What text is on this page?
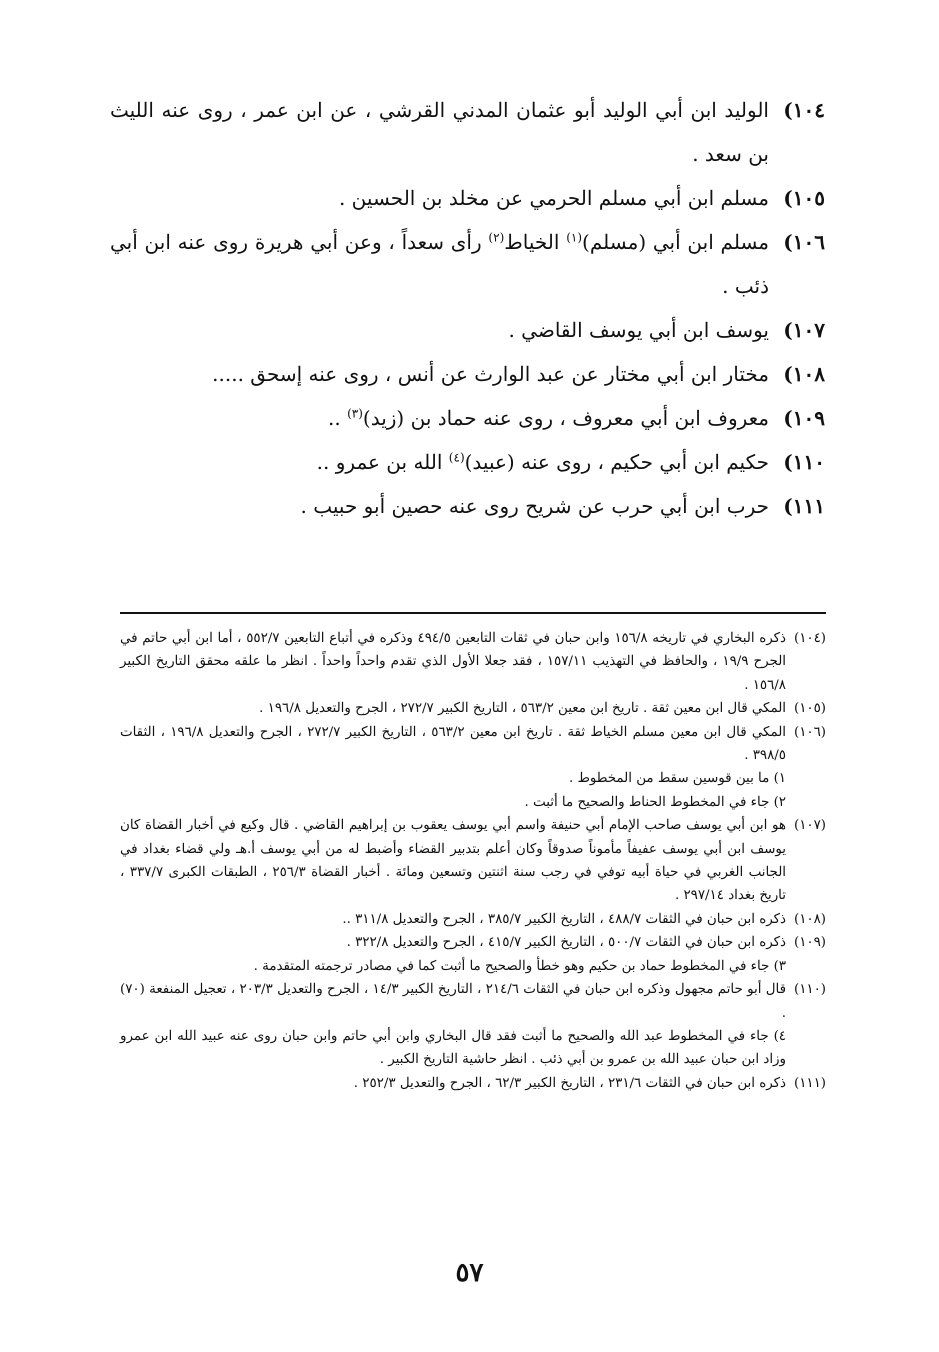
١٠٤)
الوليد ابن أبي الوليد أبو عثمان المدني القرشي ، عن ابن عمر ، روى عنه الليث بن سعد .
١٠٥)
مسلم ابن أبي مسلم الحرمي عن مخلد بن الحسين .
١٠٦)
مسلم ابن أبي (مسلم)$^{(١)}$ الخياط$^{(٢)}$ رأى سعداً ، وعن أبي هريرة روى عنه ابن أبي ذئب .
١٠٧)
يوسف ابن أبي يوسف القاضي .
١٠٨)
مختار ابن أبي مختار عن عبد الوارث عن أنس ، روى عنه إسحق .....
١٠٩)
معروف ابن أبي معروف ، روى عنه حماد بن (زيد)$^{(٣)}$ ..
١١٠)
حكيم ابن أبي حكيم ، روى عنه (عبيد)$^{(٤)}$ الله بن عمرو ..
١١١)
حرب ابن أبي حرب عن شريح روى عنه حصين أبو حبيب .
(١٠٤)
ذكره البخاري في تاريخه ١٥٦/٨ وابن حبان في ثقات التابعين ٤٩٤/٥ وذكره في أتباع التابعين ٥٥٢/٧ ، أما ابن أبي حاتم في الجرح ١٩/٩ ، والحافظ في التهذيب ١٥٧/١١ ، فقد جعلا الأول الذي تقدم واحداً واحداً . انظر ما علقه محقق التاريخ الكبير ١٥٦/٨ .
(١٠٥)
المكي قال ابن معين ثقة . تاريخ ابن معين ٥٦٣/٢ ، التاريخ الكبير ٢٧٢/٧ ، الجرح والتعديل ١٩٦/٨ .
(١٠٦)
المكي قال ابن معين مسلم الخياط ثقة . تاريخ ابن معين ٥٦٣/٢ ، التاريخ الكبير ٢٧٢/٧ ، الجرح والتعديل ١٩٦/٨ ، الثقات ٣٩٨/٥ .
١) ما بين قوسين سقط من المخطوط .
٢) جاء في المخطوط الحناط والصحيح ما أثبت .
(١٠٧)
هو ابن أبي يوسف صاحب الإمام أبي حنيفة واسم أبي يوسف يعقوب بن إبراهيم القاضي . قال وكيع في أخبار القضاة كان يوسف ابن أبي يوسف عفيفاً مأموناً صدوقاً وكان أعلم بتدبير القضاء وأضبط له من أبي يوسف أ.هـ ولي قضاء بغداد في الجانب الغربي في حياة أبيه توفي في رجب سنة اثنتين وتسعين ومائة . أخبار القضاة ٢٥٦/٣ ، الطبقات الكبرى ٣٣٧/٧ ، تاريخ بغداد ٢٩٧/١٤ .
(١٠٨)
ذكره ابن حبان في الثقات ٤٨٨/٧ ، التاريخ الكبير ٣٨٥/٧ ، الجرح والتعديل ٣١١/٨ ..
(١٠٩)
ذكره ابن حبان في الثقات ٥٠٠/٧ ، التاريخ الكبير ٤١٥/٧ ، الجرح والتعديل ٣٢٢/٨ .
٣) جاء في المخطوط حماد بن حكيم وهو خطأ والصحيح ما أثبت كما في مصادر ترجمته المتقدمة .
(١١٠)
قال أبو حاتم مجهول وذكره ابن حبان في الثقات ٢١٤/٦ ، التاريخ الكبير ١٤/٣ ، الجرح والتعديل ٢٠٣/٣ ، تعجيل المنفعة (٧٠) .
٤) جاء في المخطوط عبد الله والصحيح ما أثبت فقد قال البخاري وابن أبي حاتم وابن حبان روى عنه عبيد الله ابن عمرو وزاد ابن حبان عبيد الله بن عمرو بن أبي ذئب . انظر حاشية التاريخ الكبير .
(١١١)
ذكره ابن حبان في الثقات ٢٣١/٦ ، التاريخ الكبير ٦٢/٣ ، الجرح والتعديل ٢٥٢/٣ .
٥٧
